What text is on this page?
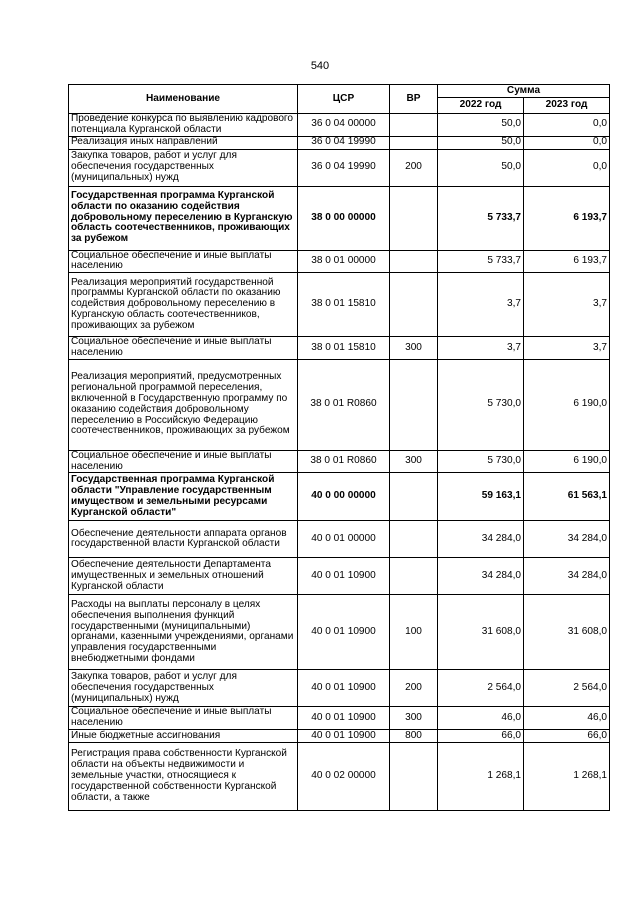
540
Наименование	ЦСР	ВР	Сумма	
			2022 год	2023 год
Проведение конкурса по выявлению кадрового потенциала Курганской области	36 0 04 00000		50,0	0,0
Реализация иных направлений	36 0 04 19990		50,0	0,0
Закупка товаров, работ и услуг для обеспечения государственных (муниципальных) нужд	36 0 04 19990	200	50,0	0,0
Государственная программа Курганской области по оказанию содействия добровольному переселению в Курганскую область соотечественников, проживающих за рубежом	38 0 00 00000		5 733,7	6 193,7
Социальное обеспечение и иные выплаты населению	38 0 01 00000		5 733,7	6 193,7
Реализация мероприятий государственной программы Курганской области по оказанию содействия добровольному переселению в Курганскую область соотечественников, проживающих за рубежом	38 0 01 15810		3,7	3,7
Социальное обеспечение и иные выплаты населению	38 0 01 15810	300	3,7	3,7
Реализация мероприятий, предусмотренных региональной программой переселения, включенной в Государственную программу по оказанию содействия добровольному переселению в Российскую Федерацию соотечественников, проживающих за рубежом	38 0 01 R0860		5 730,0	6 190,0
Социальное обеспечение и иные выплаты населению	38 0 01 R0860	300	5 730,0	6 190,0
Государственная программа Курганской области "Управление государственным имуществом и земельными ресурсами Курганской области"	40 0 00 00000		59 163,1	61 563,1
Обеспечение деятельности аппарата органов государственной власти Курганской области	40 0 01 00000		34 284,0	34 284,0
Обеспечение деятельности Департамента имущественных и земельных отношений Курганской области	40 0 01 10900		34 284,0	34 284,0
Расходы на выплаты персоналу в целях обеспечения выполнения функций государственными (муниципальными) органами, казенными учреждениями, органами управления государственными внебюджетными фондами	40 0 01 10900	100	31 608,0	31 608,0
Закупка товаров, работ и услуг для обеспечения государственных (муниципальных) нужд	40 0 01 10900	200	2 564,0	2 564,0
Социальное обеспечение и иные выплаты населению	40 0 01 10900	300	46,0	46,0
Иные бюджетные ассигнования	40 0 01 10900	800	66,0	66,0
Регистрация права собственности Курганской области на объекты недвижимости и земельные участки, относящиеся к государственной собственности Курганской области, а также	40 0 02 00000		1 268,1	1 268,1
